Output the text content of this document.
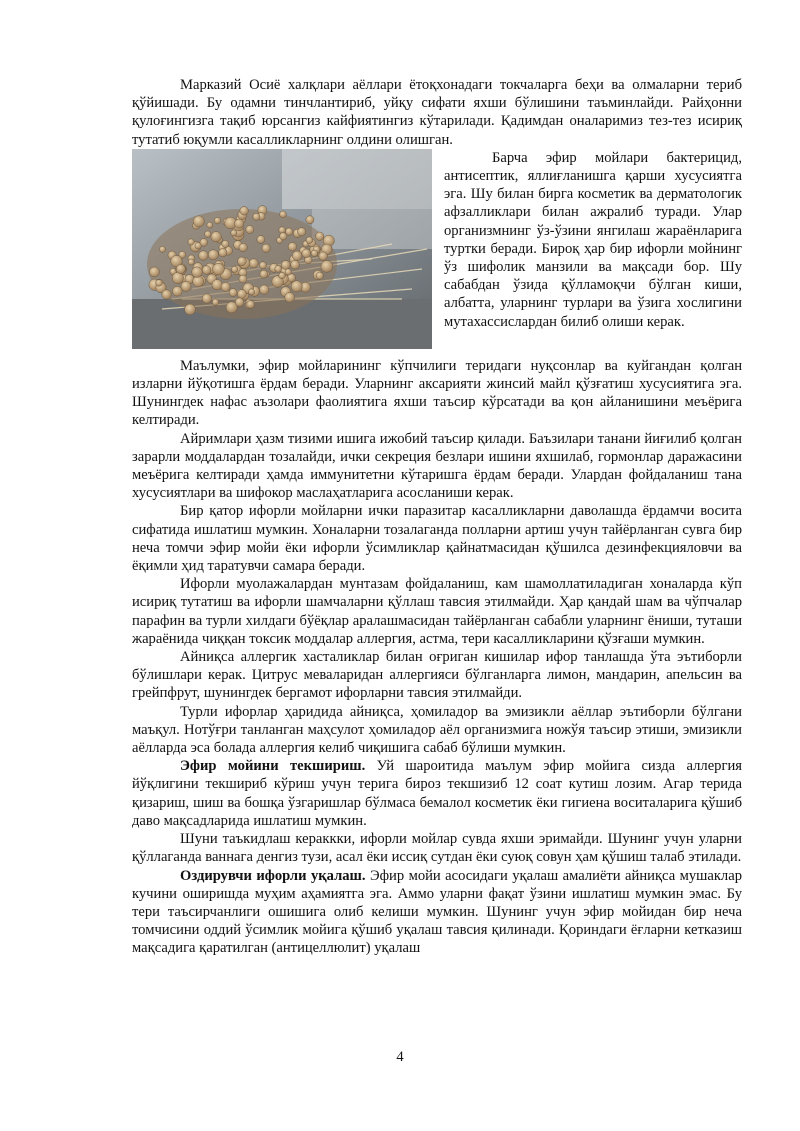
Марказий Осиё халқлари аёллари ётоқхонадаги токчаларга беҳи ва олмаларни териб қўйишади. Бу одамни тинчлантириб, уйқу сифати яхши бўлишини таъминлайди. Райҳонни қулоғингизга тақиб юрсангиз кайфиятингиз кўтарилади. Қадимдан оналаримиз тез-тез исириқ тутатиб юқумли касалликларнинг олдини олишган.

Барча эфир мойлари бактерицид, антисептик, яллиғланишга қарши хусусиятга эга. Шу билан бирга косметик ва дерматологик афзалликлари билан ажралиб туради. Улар организмнинг ўз-ўзини янгилаш жараёнларига туртки беради. Бироқ ҳар бир ифорли мойнинг ўз шифолик манзили ва мақсади бор. Шу сабабдан ўзида қўлламоқчи бўлган киши, албатта, уларнинг турлари ва ўзига хослигини мутахассислардан билиб олиши керак.

Маълумки, эфир мойларининг кўпчилиги теридаги нуқсонлар ва куйгандан қолган изларни йўқотишга ёрдам беради. Уларнинг аксарияти жинсий майл қўзғатиш хусусиятига эга. Шунингдек нафас аъзолари фаолиятига яхши таъсир кўрсатади ва қон айланишини меъёрига келтиради.

Айримлари ҳазм тизими ишига ижобий таъсир қилади. Баъзилари танани йиғилиб қолган зарарли моддалардан тозалайди, ички секреция безлари ишини яхшилаб, гормонлар даражасини меъёрига келтиради ҳамда иммунитетни кўтаришга ёрдам беради. Улардан фойдаланиш тана хусусиятлари ва шифокор маслаҳатларига асосланиши керак.

Бир қатор ифорли мойларни ички паразитар касалликларни даволашда ёрдамчи восита сифатида ишлатиш мумкин. Хоналарни тозалаганда полларни артиш учун тайёрланган сувга бир неча томчи эфир мойи ёки ифорли ўсимликлар қайнатмасидан қўшилса дезинфекцияловчи ва ёқимли ҳид таратувчи самара беради.

Ифорли муолажалардан мунтазам фойдаланиш, кам шамоллатиладиган хоналарда кўп исириқ тутатиш ва ифорли шамчаларни қўллаш тавсия этилмайди. Ҳар қандай шам ва чўпчалар парафин ва турли хилдаги бўёқлар аралашмасидан тайёрланган сабабли уларнинг ёниши, туташи жараёнида чиққан токсик моддалар аллергия, астма, тери касалликларини қўзғаши мумкин.

Айниқса аллергик хасталиклар билан оғриган кишилар ифор танлашда ўта эътиборли бўлишлари керак. Цитрус меваларидан аллергияси бўлганларга лимон, мандарин, апельсин ва грейпфрут, шунингдек бергамот ифорларни тавсия этилмайди.

Турли ифорлар ҳаридида айниқса, ҳомиладор ва эмизикли аёллар эътиборли бўлгани маъқул. Нотўғри танланган маҳсулот ҳомиладор аёл организмига ножўя таъсир этиши, эмизикли аёлларда эса болада аллергия келиб чиқишига сабаб бўлиши мумкин.

Эфир мойини текшириш. Уй шароитида маълум эфир мойига сизда аллергия йўқлигини текшириб кўриш учун терига бироз текшизиб 12 соат кутиш лозим. Агар терида қизариш, шиш ва бошқа ўзгаришлар бўлмаса бемалол косметик ёки гигиена воситаларига қўшиб даво мақсадларида ишлатиш мумкин.

Шуни таъкидлаш кераккки, ифорли мойлар сувда яхши эримайди. Шунинг учун уларни қўллаганда ваннага денгиз тузи, асал ёки иссиқ сутдан ёки суюқ совун ҳам қўшиш талаб этилади.

Оздирувчи ифорли уқалаш. Эфир мойи асосидаги уқалаш амалиёти айниқса мушаклар кучини оширишда муҳим аҳамиятга эга. Аммо уларни фақат ўзини ишлатиш мумкин эмас. Бу тери таъсирчанлиги ошишига олиб келиши мумкин. Шунинг учун эфир мойидан бир неча томчисини оддий ўсимлик мойига қўшиб уқалаш тавсия қилинади. Қориндаги ёғларни кетказиш мақсадига қаратилган (антицеллюлит) уқалаш

4
